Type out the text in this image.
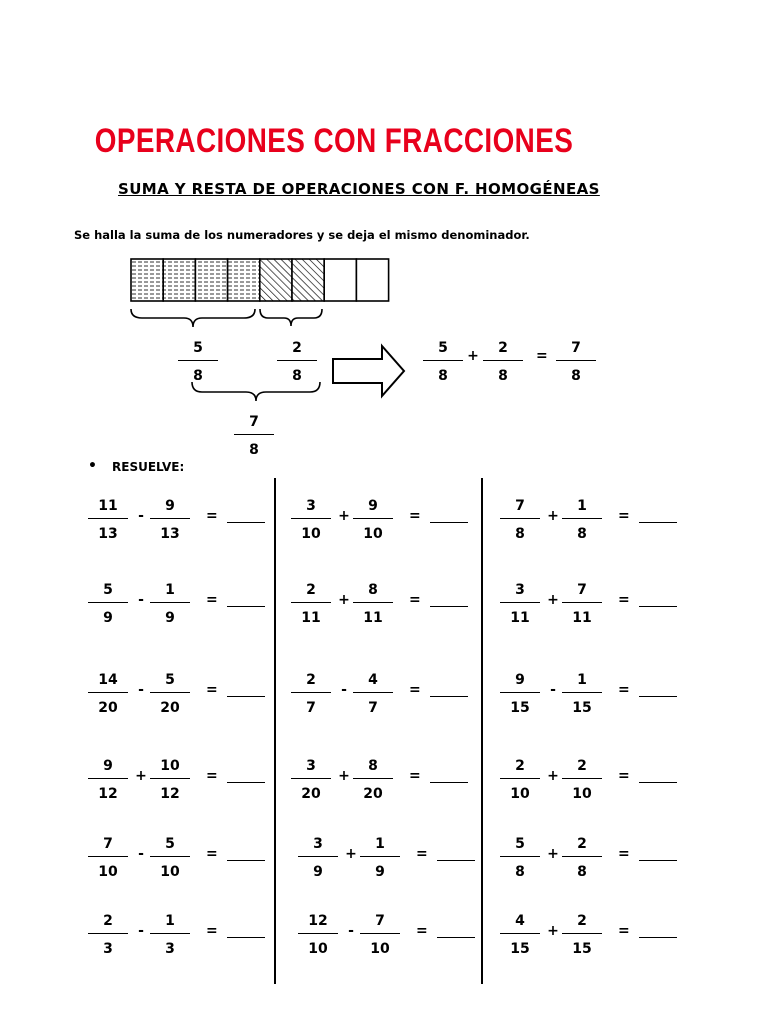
OPERACIONES CON FRACCIONES
SUMA Y RESTA DE OPERACIONES CON F. HOMOGÉNEAS
Se halla la suma de los numeradores y se deja el mismo denominador.
5
8
2
8
7
8
5
8
+	2
8
=	7
8
• RESUELVE:
11
13
-
9
13
=
5
9
-
1
9
=
14
20
-
5
20
=
9
12
+
10
12
=
7
10
-
5
10
=
2
3
-
1
3
=
3
10
+
9
10
=
2
11
+
8
11
=
2
7
-
4
7
=
3
20
+
8
20
=
3
9
+
1
9
=
12
10
-
7
10
=
7
8
+
1
8
=
3
11
+
7
11
=
9
15
-
1
15
=
2
10
+
2
10
=
5
8
+
2
8
=
4
15
+
2
15
=
